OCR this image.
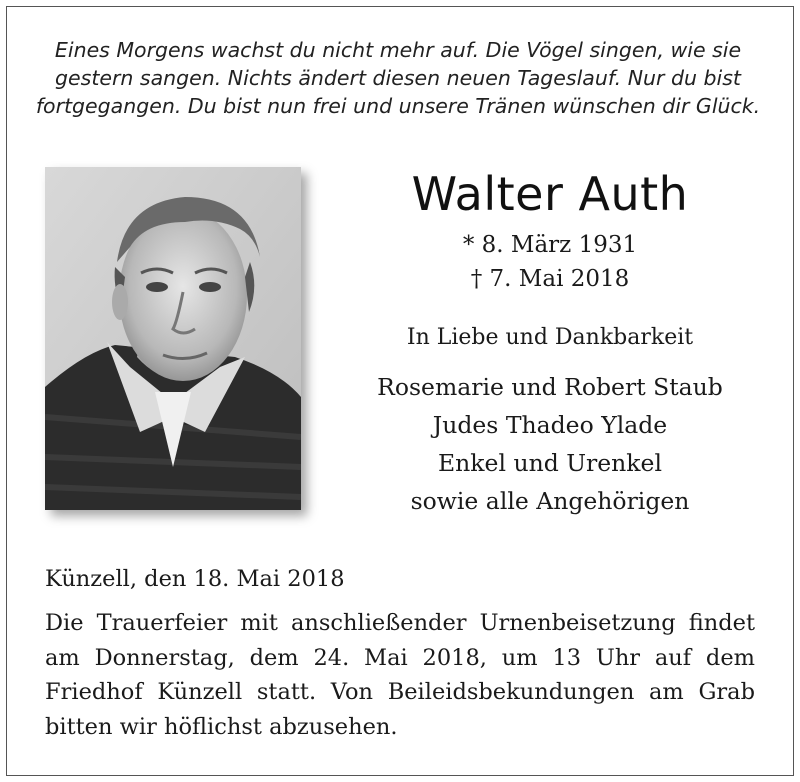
Eines Morgens wachst du nicht mehr auf. Die Vögel singen, wie sie
gestern sangen. Nichts ändert diesen neuen Tageslauf. Nur du bist
fortgegangen. Du bist nun frei und unsere Tränen wünschen dir Glück.
Walter Auth
* 8. März 1931
† 7. Mai 2018
In Liebe und Dankbarkeit
Rosemarie und Robert Staub
Judes Thadeo Ylade
Enkel und Urenkel
sowie alle Angehörigen
Künzell, den 18. Mai 2018
Die Trauerfeier mit anschließender Urnenbeisetzung findet am Donnerstag, dem 24. Mai 2018, um 13 Uhr auf dem Friedhof Künzell statt. Von Beileidsbekundungen am Grab bitten wir höflichst abzusehen.
